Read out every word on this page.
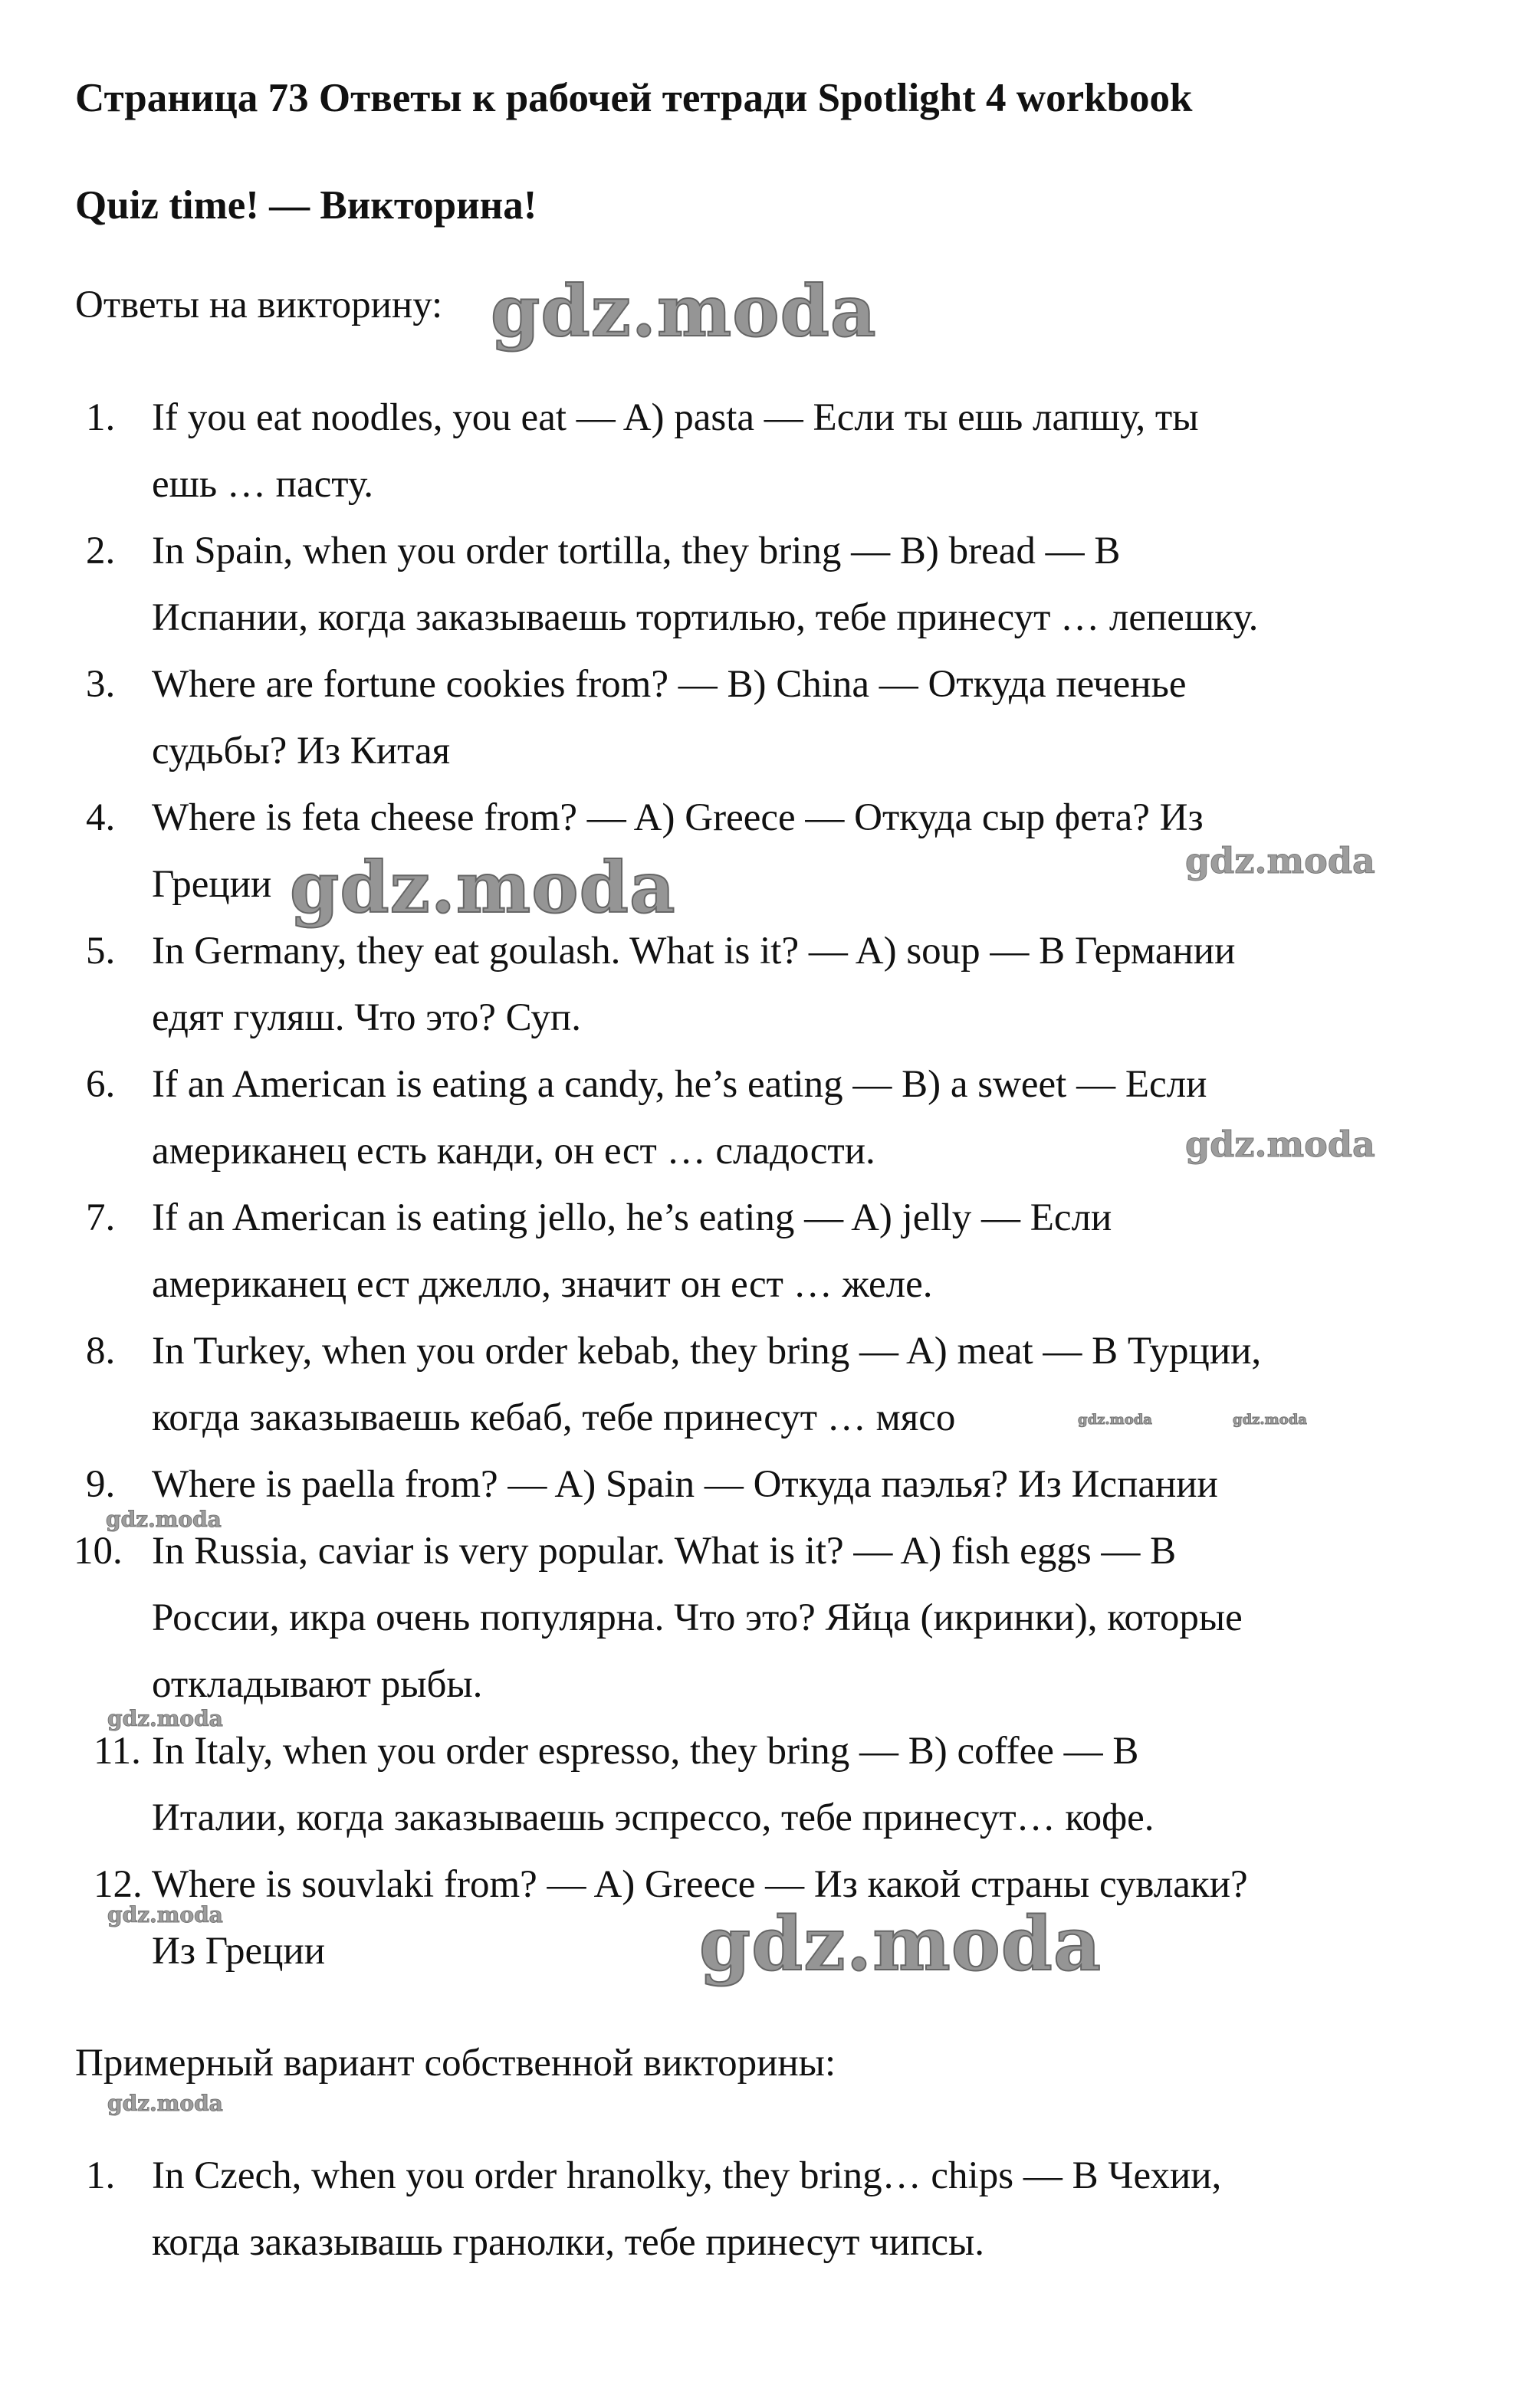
Страница 73 Ответы к рабочей тетради Spotlight 4 workbook
Quiz time! — Викторина!
Ответы на викторину:
1. If you eat noodles, you eat — A) pasta — Если ты ешь лапшу, ты
ешь … пасту.
2. In Spain, when you order tortilla, they bring — B) bread — В
Испании, когда заказываешь тортилью, тебе принесут … лепешку.
3. Where are fortune cookies from? — B) China — Откуда печенье
судьбы? Из Китая
4. Where is feta cheese from? — A) Greece — Откуда сыр фета? Из
Греции
5. In Germany, they eat goulash. What is it? — A) soup — В Германии
едят гуляш. Что это? Суп.
6. If an American is eating a candy, he’s eating — B) a sweet — Если
американец есть канди, он ест … сладости.
7. If an American is eating jello, he’s eating — A) jelly — Если
американец ест джелло, значит он ест … желе.
8. In Turkey, when you order kebab, they bring — A) meat — В Турции,
когда заказываешь кебаб, тебе принесут … мясо
9. Where is paella from? — A) Spain — Откуда паэлья? Из Испании
10. In Russia, caviar is very popular. What is it? — A) fish eggs — В
России, икра очень популярна. Что это? Яйца (икринки), которые
откладывают рыбы.
11. In Italy, when you order espresso, they bring — B) coffee — В
Италии, когда заказываешь эспрессо, тебе принесут… кофе.
12. Where is souvlaki from? — A) Greece — Из какой страны сувлаки?
Из Греции
Примерный вариант собственной викторины:
1. In Czech, when you order hranolky, they bring… chips — В Чехии,
когда заказывашь гранолки, тебе принесут чипсы.
gdz.moda
gdz.moda
gdz.moda
gdz.moda
gdz.moda
gdz.moda	gdz.moda
gdz.moda
gdz.moda
gdz.moda
gdz.moda
